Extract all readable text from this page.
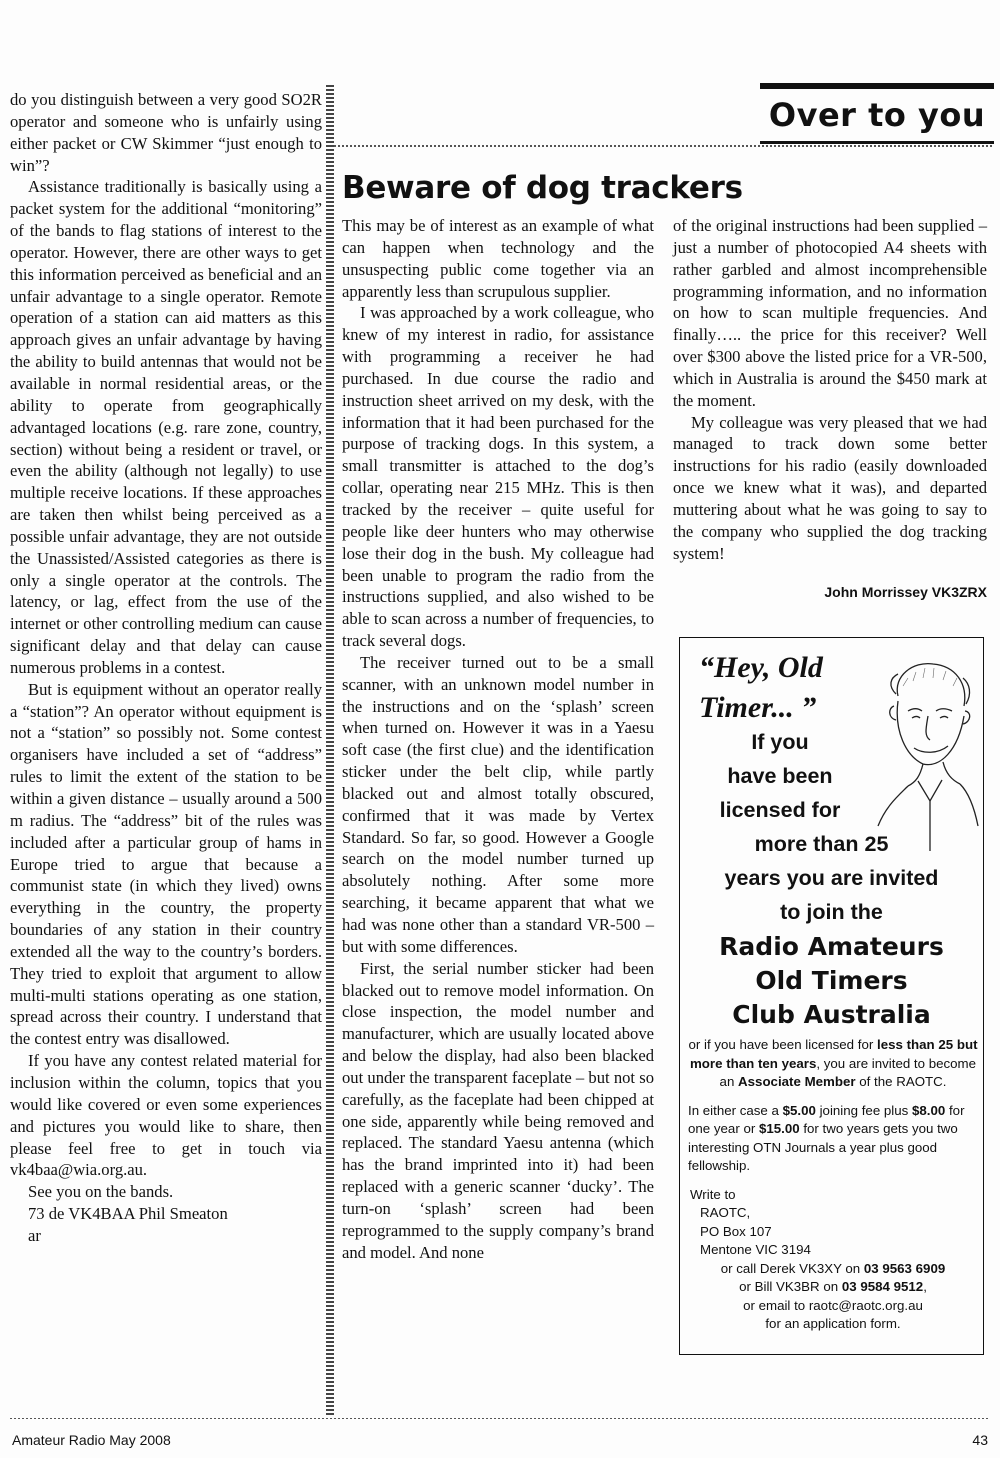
do you distinguish between a very good SO2R operator and someone who is unfairly using either packet or CW Skimmer “just enough to win”?

Assistance traditionally is basically using a packet system for the additional “monitoring” of the bands to flag stations of interest to the operator. However, there are other ways to get this information perceived as beneficial and an unfair advantage to a single operator. Remote operation of a station can aid matters as this approach gives an unfair advantage by having the ability to build antennas that would not be available in normal residential areas, or the ability to operate from geographically advantaged locations (e.g. rare zone, country, section) without being a resident or travel, or even the ability (although not legally) to use multiple receive locations. If these approaches are taken then whilst being perceived as a possible unfair advantage, they are not outside the Unassisted/Assisted categories as there is only a single operator at the controls. The latency, or lag, effect from the use of the internet or other controlling medium can cause significant delay and that delay can cause numerous problems in a contest.

But is equipment without an operator really a “station”? An operator without equipment is not a “station” so possibly not. Some contest organisers have included a set of “address” rules to limit the extent of the station to be within a given distance – usually around a 500 m radius. The “address” bit of the rules was included after a particular group of hams in Europe tried to argue that because a communist state (in which they lived) owns everything in the country, the property boundaries of any station in their country extended all the way to the country’s borders. They tried to exploit that argument to allow multi-multi stations operating as one station, spread across their country. I understand that the contest entry was disallowed.

If you have any contest related material for inclusion within the column, topics that you would like covered or even some experiences and pictures you would like to share, then please feel free to get in touch via vk4baa@wia.org.au.

See you on the bands.

73 de VK4BAA Phil Smeaton

ar

Over to you
Beware of dog trackers

This may be of interest as an example of what can happen when technology and the unsuspecting public come together via an apparently less than scrupulous supplier.

I was approached by a work colleague, who knew of my interest in radio, for assistance with programming a receiver he had purchased. In due course the radio and instruction sheet arrived on my desk, with the information that it had been purchased for the purpose of tracking dogs. In this system, a small transmitter is attached to the dog’s collar, operating near 215 MHz. This is then tracked by the receiver – quite useful for people like deer hunters who may otherwise lose their dog in the bush. My colleague had been unable to program the radio from the instructions supplied, and also wished to be able to scan across a number of frequencies, to track several dogs.

The receiver turned out to be a small scanner, with an unknown model number in the instructions and on the ‘splash’ screen when turned on. However it was in a Yaesu soft case (the first clue) and the identification sticker under the belt clip, while partly blacked out and almost totally obscured, confirmed that it was made by Vertex Standard. So far, so good. However a Google search on the model number turned up absolutely nothing. After some more searching, it became apparent that what we had was none other than a standard VR-500 – but with some differences.

First, the serial number sticker had been blacked out to remove model information. On close inspection, the model number and manufacturer, which are usually located above and below the display, had also been blacked out under the transparent faceplate – but not so carefully, as the faceplate had been chipped at one side, apparently while being removed and replaced. The standard Yaesu antenna (which has the brand imprinted into it) had been replaced with a generic scanner ‘ducky’. The turn-on ‘splash’ screen had been reprogrammed to the supply company’s brand and model. And none

of the original instructions had been supplied – just a number of photocopied A4 sheets with rather garbled and almost incomprehensible programming information, and no information on how to scan multiple frequencies. And finally….. the price for this receiver? Well over $300 above the listed price for a VR-500, which in Australia is around the $450 mark at the moment.

My colleague was very pleased that we had managed to track down some better instructions for his radio (easily downloaded once we knew what it was), and departed muttering about what he was going to say to the company who supplied the dog tracking system!

John Morrissey VK3ZRX
“Hey, Old
Timer... ”
If you
have been
licensed for
more than 25
years you are invited
to join the
Radio Amateurs
Old Timers
Club Australia

or if you have been licensed for less than 25 but more than ten years, you are invited to become an Associate Member of the RAOTC.

In either case a $5.00 joining fee plus $8.00 for one year or $15.00 for two years gets you two interesting OTN Journals a year plus good fellowship.

Write to
RAOTC,
PO Box 107
Mentone VIC 3194
or call Derek VK3XY on 03 9563 6909
or Bill VK3BR on 03 9584 9512,
or email to raotc@raotc.org.au
for an application form.
Amateur Radio May 2008	43
